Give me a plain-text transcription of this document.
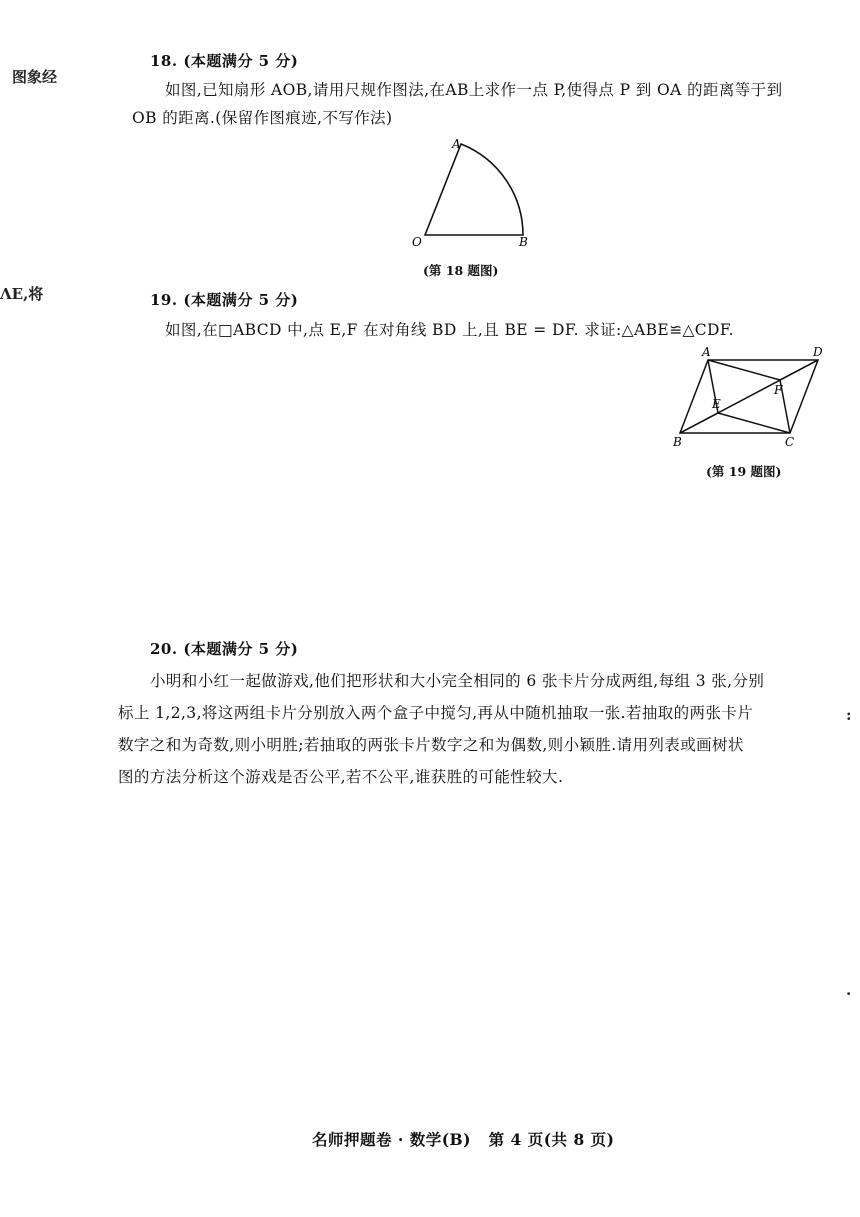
图象经
ΛE,将
:
·
18. (本题满分 5 分)
如图,已知扇形 AOB,请用尺规作图法,在AB上求作一点 P,使得点 P 到 OA 的距离等于到
OB 的距离.(保留作图痕迹,不写作法)
A
O	B
(第 18 题图)
19. (本题满分 5 分)
如图,在□ABCD 中,点 E,F 在对角线 BD 上,且 BE = DF. 求证:△ABE≌△CDF.
A	D
F
E
B	C
(第 19 题图)
20. (本题满分 5 分)
小明和小红一起做游戏,他们把形状和大小完全相同的 6 张卡片分成两组,每组 3 张,分别
标上 1,2,3,将这两组卡片分别放入两个盒子中搅匀,再从中随机抽取一张.若抽取的两张卡片
数字之和为奇数,则小明胜;若抽取的两张卡片数字之和为偶数,则小颖胜.请用列表或画树状
图的方法分析这个游戏是否公平,若不公平,谁获胜的可能性较大.
名师押题卷 · 数学(B)   第 4 页(共 8 页)
